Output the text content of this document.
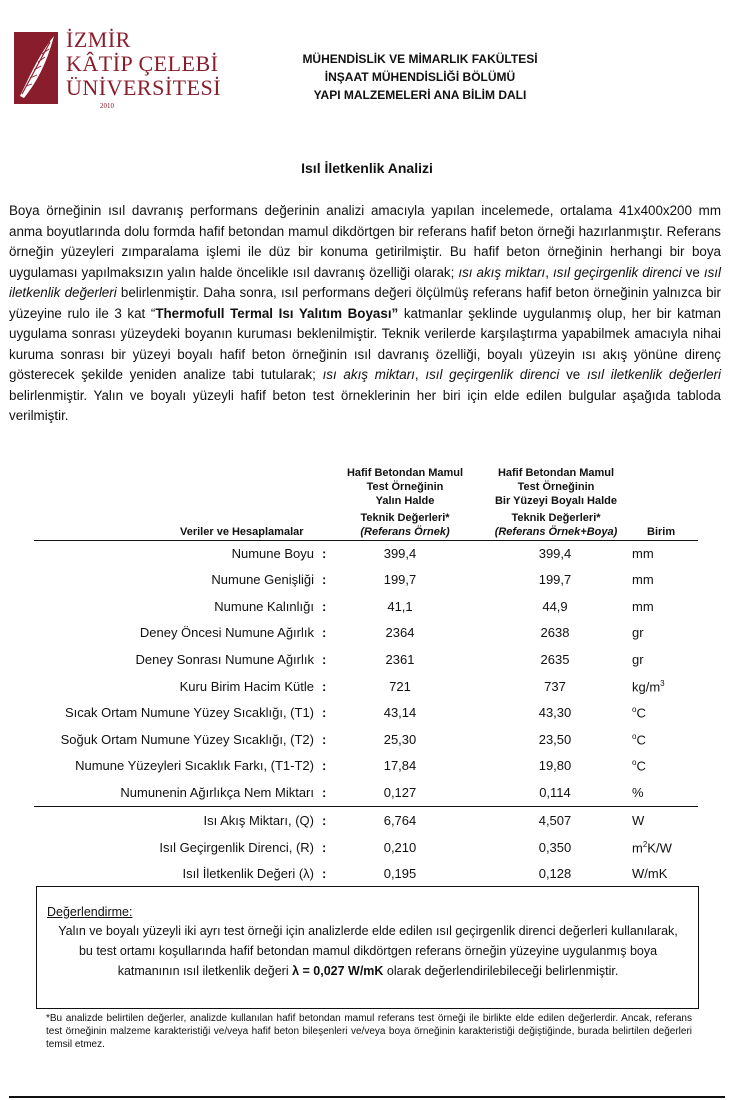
İZMİR
KÂTİP ÇELEBİ
ÜNİVERSİTESİ
2010
MÜHENDİSLİK VE MİMARLIK FAKÜLTESİ
İNŞAAT MÜHENDİSLİĞİ BÖLÜMÜ
YAPI MALZEMELERİ ANA BİLİM DALI
Isıl İletkenlik Analizi
Boya örneğinin ısıl davranış performans değerinin analizi amacıyla yapılan incelemede, ortalama 41x400x200 mm anma boyutlarında dolu formda hafif betondan mamul dikdörtgen bir referans hafif beton örneği hazırlanmıştır. Referans örneğin yüzeyleri zımparalama işlemi ile düz bir konuma getirilmiştir. Bu hafif beton örneğinin herhangi bir boya uygulaması yapılmaksızın yalın halde öncelikle ısıl davranış özelliği olarak; ısı akış miktarı, ısıl geçirgenlik direnci ve ısıl iletkenlik değerleri belirlenmiştir. Daha sonra, ısıl performans değeri ölçülmüş referans hafif beton örneğinin yalnızca bir yüzeyine rulo ile 3 kat “Thermofull Termal Isı Yalıtım Boyası” katmanlar şeklinde uygulanmış olup, her bir katman uygulama sonrası yüzeydeki boyanın kuruması beklenilmiştir. Teknik verilerde karşılaştırma yapabilmek amacıyla nihai kuruma sonrası bir yüzeyi boyalı hafif beton örneğinin ısıl davranış özelliği, boyalı yüzeyin ısı akış yönüne direnç gösterecek şekilde yeniden analize tabi tutularak; ısı akış miktarı, ısıl geçirgenlik direnci ve ısıl iletkenlik değerleri belirlenmiştir. Yalın ve boyalı yüzeyli hafif beton test örneklerinin her biri için elde edilen bulgular aşağıda tabloda verilmiştir.
Hafif Betondan Mamul
Test Örneğinin
Yalın Halde
Teknik Değerleri*
(Referans Örnek)
Hafif Betondan Mamul
Test Örneğinin
Bir Yüzeyi Boyalı Halde
Teknik Değerleri*
(Referans Örnek+Boya)
Veriler ve Hesaplamalar	Birim
Numune Boyu :	399,4	399,4	mm
Numune Genişliği :	199,7	199,7	mm
Numune Kalınlığı :	41,1	44,9	mm
Deney Öncesi Numune Ağırlık :	2364	2638	gr
Deney Sonrası Numune Ağırlık :	2361	2635	gr
Kuru Birim Hacim Kütle :	721	737	$kg/m^3$
Sıcak Ortam Numune Yüzey Sıcaklığı, (T1) :	43,14	43,30	$^o$C
Soğuk Ortam Numune Yüzey Sıcaklığı, (T2) :	25,30	23,50	$^o$C
Numune Yüzeyleri Sıcaklık Farkı, (T1-T2) :	17,84	19,80	$^o$C
Numunenin Ağırlıkça Nem Miktarı :	0,127	0,114	%
Isı Akış Miktarı, (Q) :	6,764	4,507	W
Isıl Geçirgenlik Direnci, (R) :	0,210	0,350	$m^2K/W$
Isıl İletkenlik Değeri (λ) :	0,195	0,128	W/mK
Değerlendirme:
Yalın ve boyalı yüzeyli iki ayrı test örneği için analizlerde elde edilen ısıl geçirgenlik direnci değerleri kullanılarak, bu test ortamı koşullarında hafif betondan mamul dikdörtgen referans örneğin yüzeyine uygulanmış boya katmanının ısıl iletkenlik değeri λ = 0,027 W/mK olarak değerlendirilebileceği belirlenmiştir.
*Bu analizde belirtilen değerler, analizde kullanılan hafif betondan mamul referans test örneği ile birlikte elde edilen değerlerdir. Ancak, referans test örneğinin malzeme karakteristiği ve/veya hafif beton bileşenleri ve/veya boya örneğinin karakteristiği değiştiğinde, burada belirtilen değerleri temsil etmez.
